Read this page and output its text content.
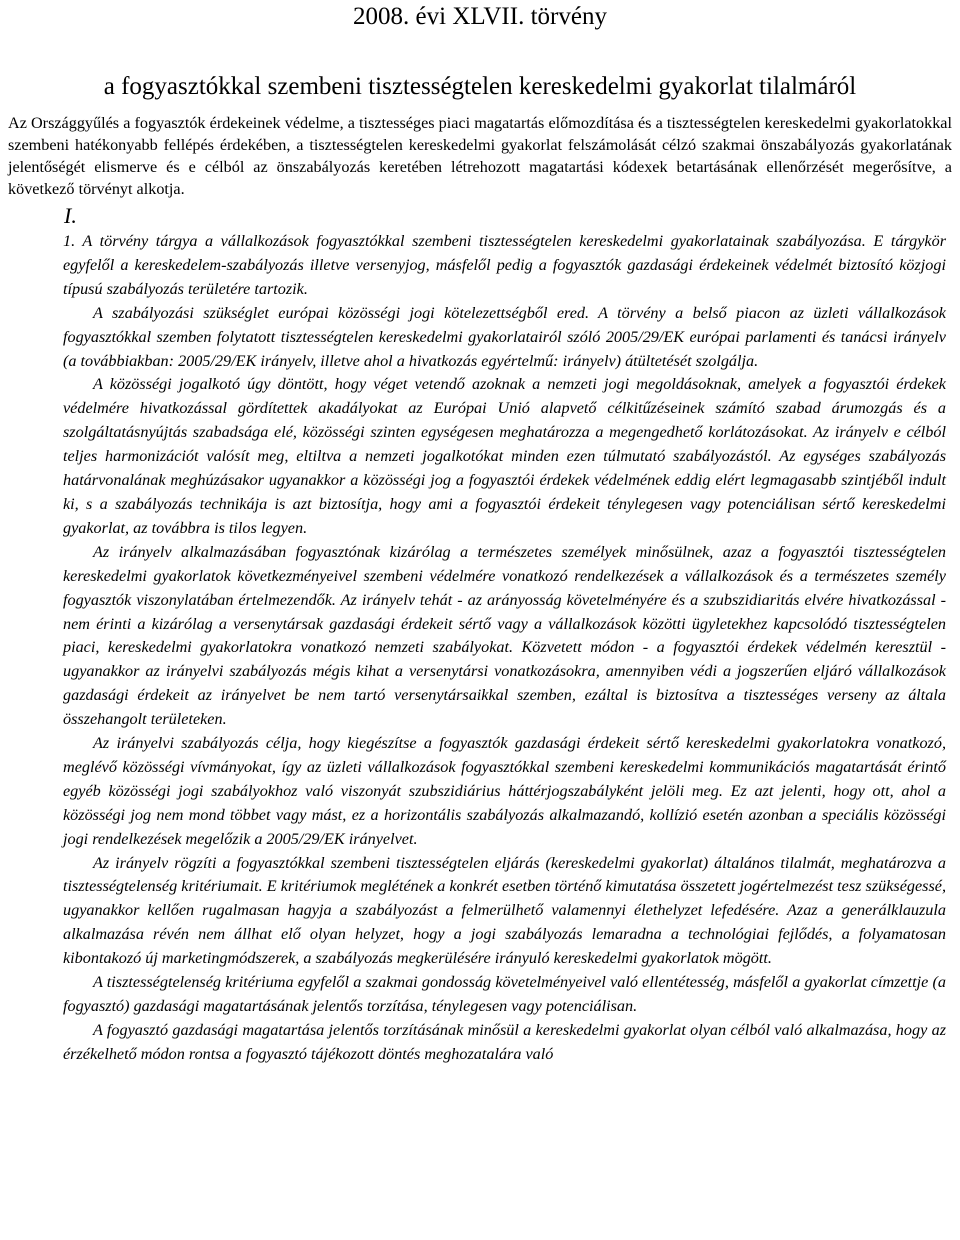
2008. évi XLVII. törvény
a fogyasztókkal szembeni tisztességtelen kereskedelmi gyakorlat tilalmáról

Az Országgyűlés a fogyasztók érdekeinek védelme, a tisztességes piaci magatartás előmozdítása és a tisztességtelen kereskedelmi gyakorlatokkal szembeni hatékonyabb fellépés érdekében, a tisztességtelen kereskedelmi gyakorlat felszámolását célzó szakmai önszabályozás gyakorlatának jelentőségét elismerve és e célból az önszabályozás keretében létrehozott magatartási kódexek betartásának ellenőrzését megerősítve, a következő törvényt alkotja.

I.

1. A törvény tárgya a vállalkozások fogyasztókkal szembeni tisztességtelen kereskedelmi gyakorlatainak szabályozása. E tárgykör egyfelől a kereskedelem-szabályozás illetve versenyjog, másfelől pedig a fogyasztók gazdasági érdekeinek védelmét biztosító közjogi típusú szabályozás területére tartozik.

A szabályozási szükséglet európai közösségi jogi kötelezettségből ered. A törvény a belső piacon az üzleti vállalkozások fogyasztókkal szemben folytatott tisztességtelen kereskedelmi gyakorlatairól szóló 2005/29/EK európai parlamenti és tanácsi irányelv (a továbbiakban: 2005/29/EK irányelv, illetve ahol a hivatkozás egyértelmű: irányelv) átültetését szolgálja.

A közösségi jogalkotó úgy döntött, hogy véget vetendő azoknak a nemzeti jogi megoldásoknak, amelyek a fogyasztói érdekek védelmére hivatkozással gördítettek akadályokat az Európai Unió alapvető célkitűzéseinek számító szabad árumozgás és a szolgáltatásnyújtás szabadsága elé, közösségi szinten egységesen meghatározza a megengedhető korlátozásokat. Az irányelv e célból teljes harmonizációt valósít meg, eltiltva a nemzeti jogalkotókat minden ezen túlmutató szabályozástól. Az egységes szabályozás határvonalának meghúzásakor ugyanakkor a közösségi jog a fogyasztói érdekek védelmének eddig elért legmagasabb szintjéből indult ki, s a szabályozás technikája is azt biztosítja, hogy ami a fogyasztói érdekeit ténylegesen vagy potenciálisan sértő kereskedelmi gyakorlat, az továbbra is tilos legyen.

Az irányelv alkalmazásában fogyasztónak kizárólag a természetes személyek minősülnek, azaz a fogyasztói tisztességtelen kereskedelmi gyakorlatok következményeivel szembeni védelmére vonatkozó rendelkezések a vállalkozások és a természetes személy fogyasztók viszonylatában értelmezendők. Az irányelv tehát - az arányosság követelményére és a szubszidiaritás elvére hivatkozással - nem érinti a kizárólag a versenytársak gazdasági érdekeit sértő vagy a vállalkozások közötti ügyletekhez kapcsolódó tisztességtelen piaci, kereskedelmi gyakorlatokra vonatkozó nemzeti szabályokat. Közvetett módon - a fogyasztói érdekek védelmén keresztül - ugyanakkor az irányelvi szabályozás mégis kihat a versenytársi vonatkozásokra, amennyiben védi a jogszerűen eljáró vállalkozások gazdasági érdekeit az irányelvet be nem tartó versenytársaikkal szemben, ezáltal is biztosítva a tisztességes verseny az általa összehangolt területeken.

Az irányelvi szabályozás célja, hogy kiegészítse a fogyasztók gazdasági érdekeit sértő kereskedelmi gyakorlatokra vonatkozó, meglévő közösségi vívmányokat, így az üzleti vállalkozások fogyasztókkal szembeni kereskedelmi kommunikációs magatartását érintő egyéb közösségi jogi szabályokhoz való viszonyát szubszidiárius háttérjogszabályként jelöli meg. Ez azt jelenti, hogy ott, ahol a közösségi jog nem mond többet vagy mást, ez a horizontális szabályozás alkalmazandó, kollízió esetén azonban a speciális közösségi jogi rendelkezések megelőzik a 2005/29/EK irányelvet.

Az irányelv rögzíti a fogyasztókkal szembeni tisztességtelen eljárás (kereskedelmi gyakorlat) általános tilalmát, meghatározva a tisztességtelenség kritériumait. E kritériumok meglétének a konkrét esetben történő kimutatása összetett jogértelmezést tesz szükségessé, ugyanakkor kellően rugalmasan hagyja a szabályozást a felmerülhető valamennyi élethelyzet lefedésére. Azaz a generálklauzula alkalmazása révén nem állhat elő olyan helyzet, hogy a jogi szabályozás lemaradna a technológiai fejlődés, a folyamatosan kibontakozó új marketingmódszerek, a szabályozás megkerülésére irányuló kereskedelmi gyakorlatok mögött.

A tisztességtelenség kritériuma egyfelől a szakmai gondosság követelményeivel való ellentétesség, másfelől a gyakorlat címzettje (a fogyasztó) gazdasági magatartásának jelentős torzítása, ténylegesen vagy potenciálisan.

A fogyasztó gazdasági magatartása jelentős torzításának minősül a kereskedelmi gyakorlat olyan célból való alkalmazása, hogy az érzékelhető módon rontsa a fogyasztó tájékozott döntés meghozatalára való
